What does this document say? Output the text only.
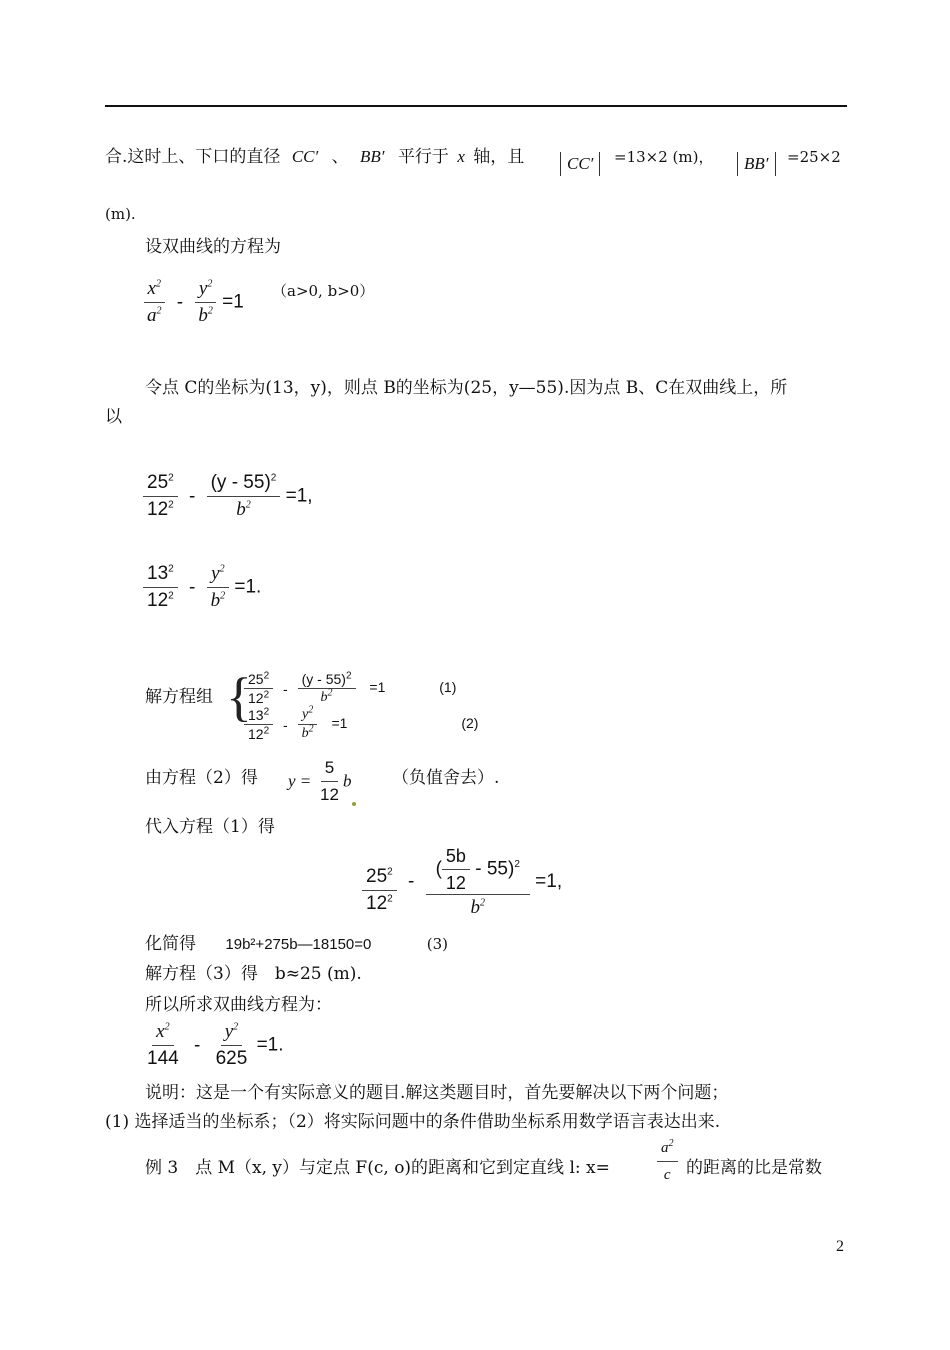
合.这时上、下口的直径 CC′ 、 BB′ 平行于 x 轴，且	CC′	=13×2 (m)，	BB′	=25×2
(m).
设双曲线的方程为
$\frac{x^2}{a^2} - \frac{y^2}{b^2} =1$
（a>0, b>0）
令点 C的坐标为(13，y)，则点 B的坐标为(25，y—55).因为点 B、C在双曲线上，所
以
$\frac{25^2}{12^2} - \frac{(y - 55)^2}{b^2} =1$,
$\frac{13^2}{12^2} - \frac{y^2}{b^2} =1$.
解方程组 {
$\frac{25^2}{12^2} - \frac{(y - 55)^2}{b^2} =1$	(1)
$\frac{13^2}{12^2} - \frac{y^2}{b^2} =1$	(2)
由方程（2）得 $y = \frac{5}{12}$ b （负值舍去）.
代入方程（1）得
$\frac{25^2}{12^2} - \frac{( \frac{5b}{12} - 55)^2}{b^2} =1$,
化简得 19b²+275b—18150=0	(3)
解方程（3）得　b≈25 (m).
所以所求双曲线方程为：
$\frac{x^2}{144} - \frac{y^2}{625} =1$.
说明：这是一个有实际意义的题目.解这类题目时，首先要解决以下两个问题；
(1) 选择适当的坐标系；（2）将实际问题中的条件借助坐标系用数学语言表达出来.
例 3　点 M（x, y）与定点 F(c, o)的距离和它到定直线 l: x=	$\frac{a^2}{c}$ 的距离的比是常数
2
